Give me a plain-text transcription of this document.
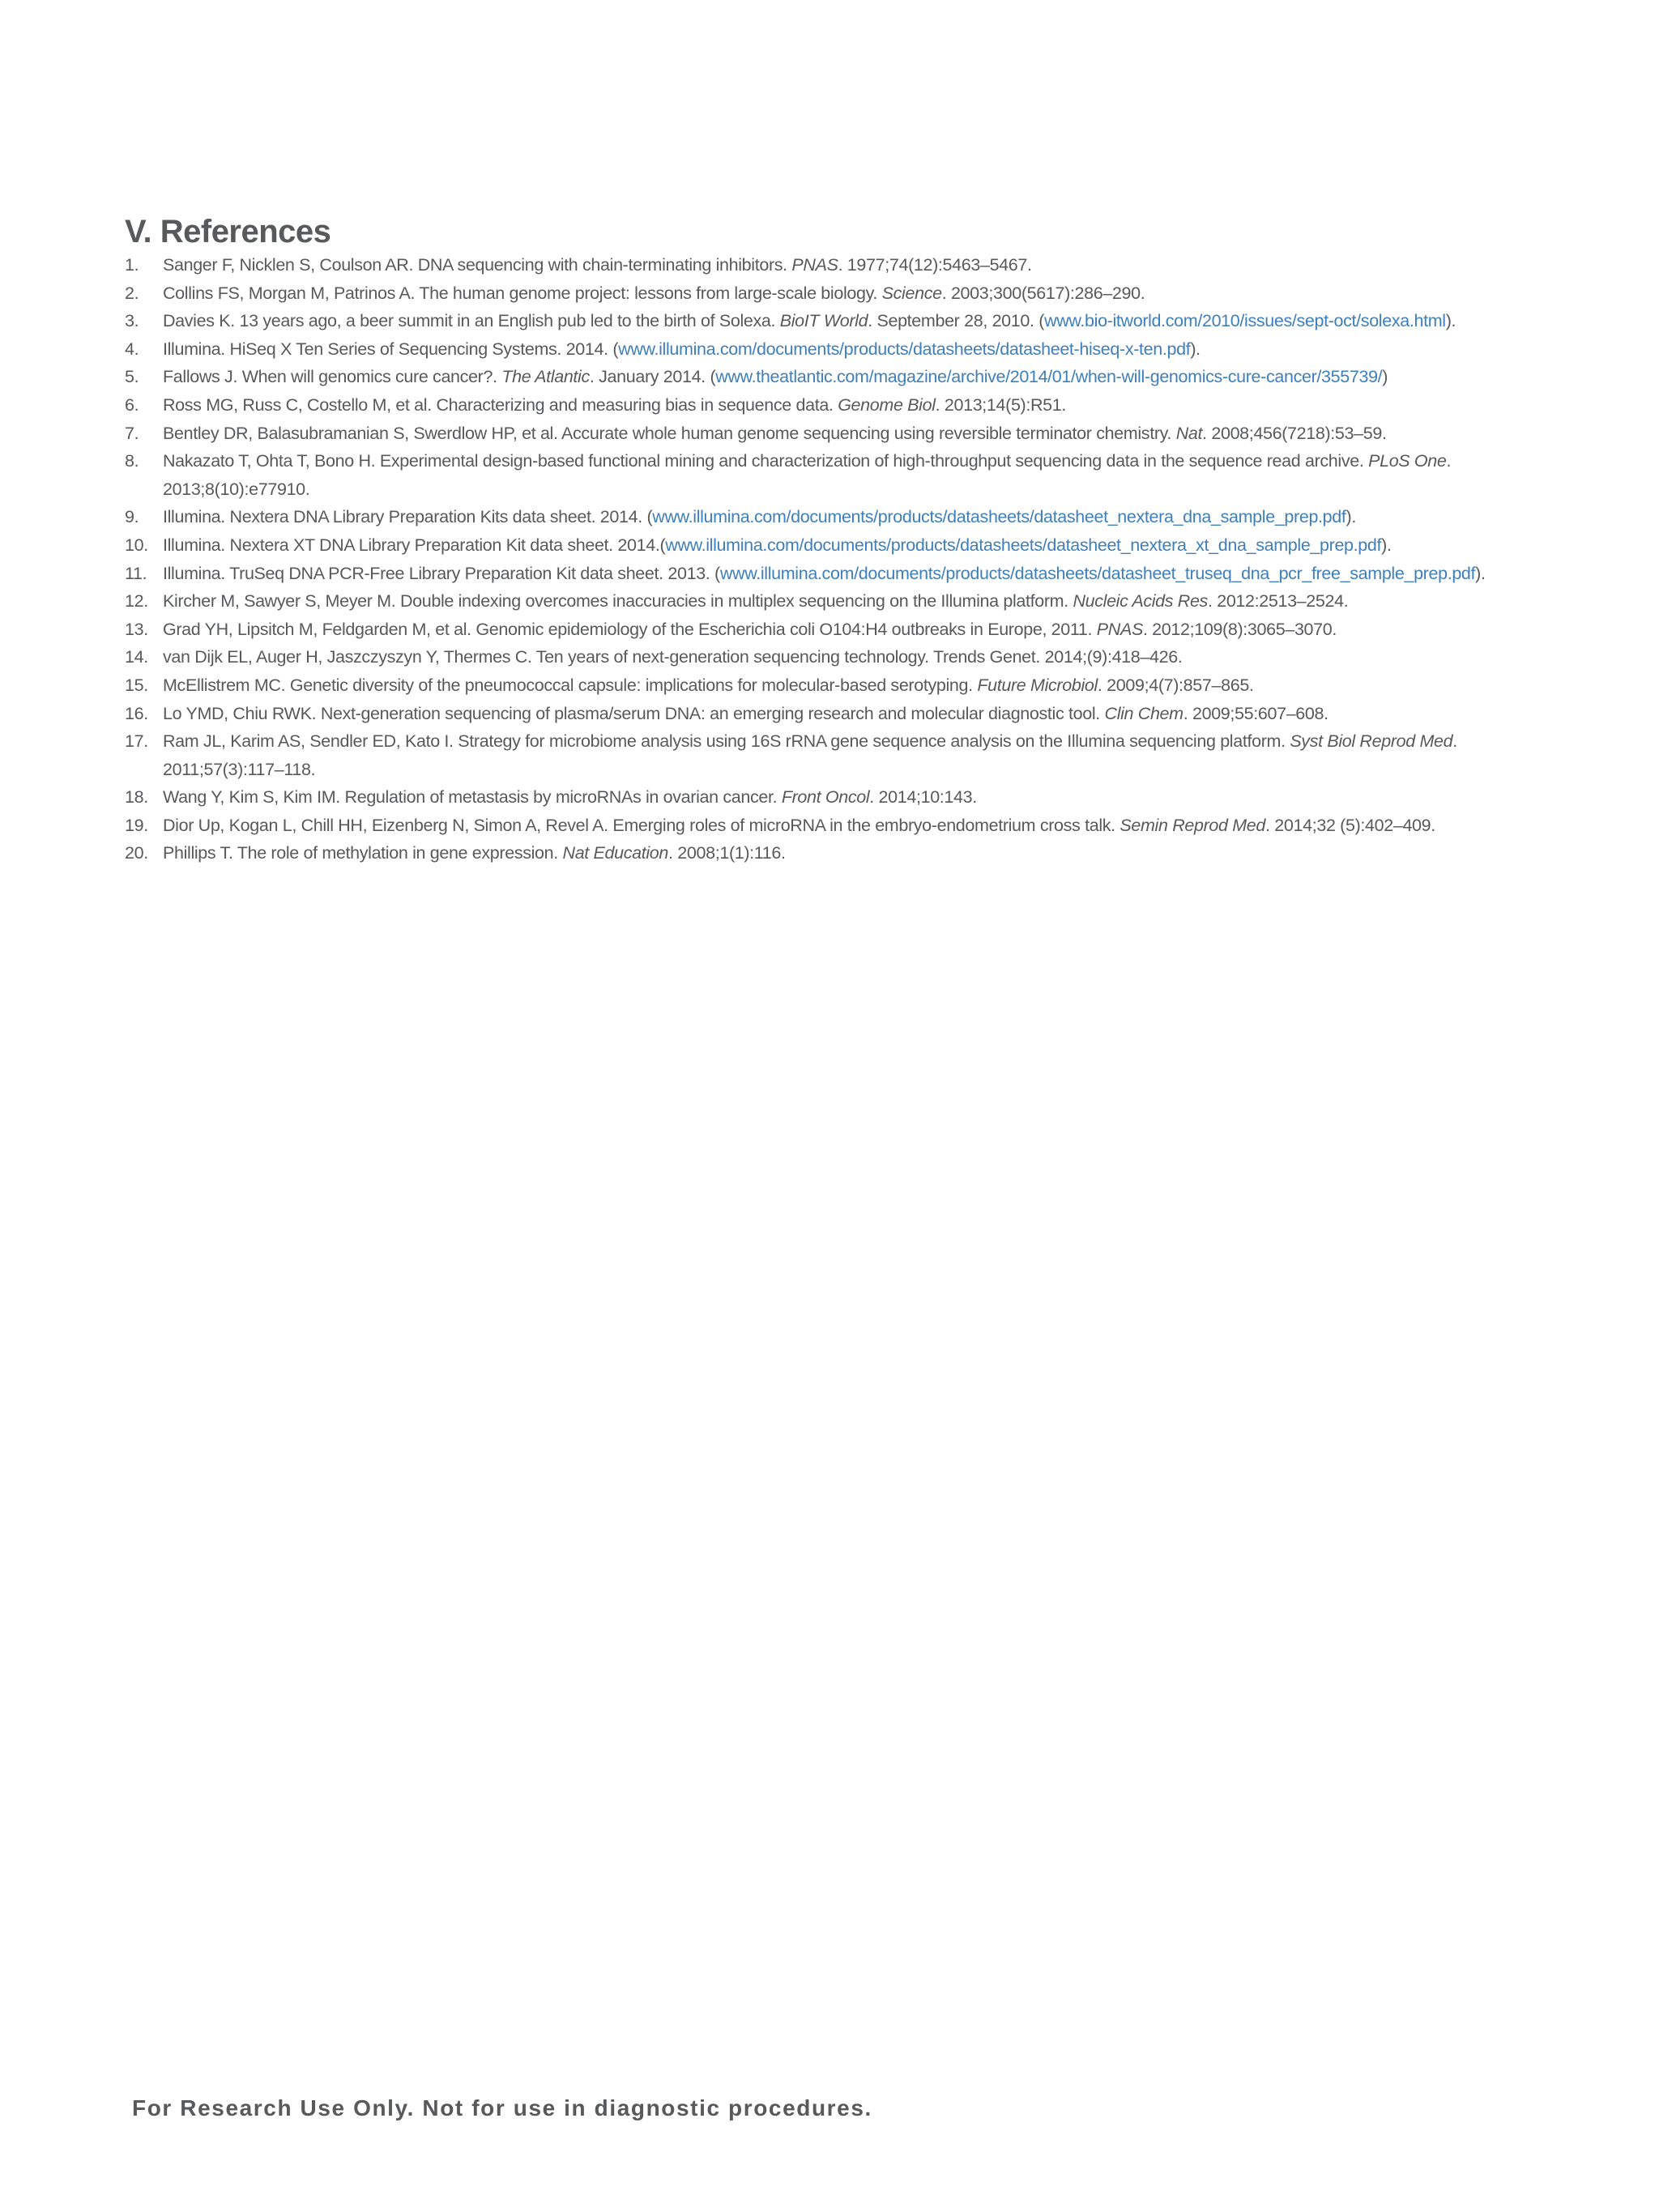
V. References
1. Sanger F, Nicklen S, Coulson AR. DNA sequencing with chain-terminating inhibitors. PNAS. 1977;74(12):5463–5467.
2. Collins FS, Morgan M, Patrinos A. The human genome project: lessons from large-scale biology. Science. 2003;300(5617):286–290.
3. Davies K. 13 years ago, a beer summit in an English pub led to the birth of Solexa. BioIT World. September 28, 2010. (www.bio-itworld.com/2010/issues/sept-oct/solexa.html).
4. Illumina. HiSeq X Ten Series of Sequencing Systems. 2014. (www.illumina.com/documents/products/datasheets/datasheet-hiseq-x-ten.pdf).
5. Fallows J. When will genomics cure cancer?. The Atlantic. January 2014. (www.theatlantic.com/magazine/archive/2014/01/when-will-genomics-cure-cancer/355739/)
6. Ross MG, Russ C, Costello M, et al. Characterizing and measuring bias in sequence data. Genome Biol. 2013;14(5):R51.
7. Bentley DR, Balasubramanian S, Swerdlow HP, et al. Accurate whole human genome sequencing using reversible terminator chemistry. Nat. 2008;456(7218):53–59.
8. Nakazato T, Ohta T, Bono H. Experimental design-based functional mining and characterization of high-throughput sequencing data in the sequence read archive. PLoS One. 2013;8(10):e77910.
9. Illumina. Nextera DNA Library Preparation Kits data sheet. 2014. (www.illumina.com/documents/products/datasheets/datasheet_nextera_dna_sample_prep.pdf).
10. Illumina. Nextera XT DNA Library Preparation Kit data sheet. 2014.(www.illumina.com/documents/products/datasheets/datasheet_nextera_xt_dna_sample_prep.pdf).
11. Illumina. TruSeq DNA PCR-Free Library Preparation Kit data sheet. 2013. (www.illumina.com/documents/products/datasheets/datasheet_truseq_dna_pcr_free_sample_prep.pdf).
12. Kircher M, Sawyer S, Meyer M. Double indexing overcomes inaccuracies in multiplex sequencing on the Illumina platform. Nucleic Acids Res. 2012:2513–2524.
13. Grad YH, Lipsitch M, Feldgarden M, et al. Genomic epidemiology of the Escherichia coli O104:H4 outbreaks in Europe, 2011. PNAS. 2012;109(8):3065–3070.
14. van Dijk EL, Auger H, Jaszczyszyn Y, Thermes C. Ten years of next-generation sequencing technology. Trends Genet. 2014;(9):418–426.
15. McEllistrem MC. Genetic diversity of the pneumococcal capsule: implications for molecular-based serotyping. Future Microbiol. 2009;4(7):857–865.
16. Lo YMD, Chiu RWK. Next-generation sequencing of plasma/serum DNA: an emerging research and molecular diagnostic tool. Clin Chem. 2009;55:607–608.
17. Ram JL, Karim AS, Sendler ED, Kato I. Strategy for microbiome analysis using 16S rRNA gene sequence analysis on the Illumina sequencing platform. Syst Biol Reprod Med. 2011;57(3):117–118.
18. Wang Y, Kim S, Kim IM. Regulation of metastasis by microRNAs in ovarian cancer. Front Oncol. 2014;10:143.
19. Dior Up, Kogan L, Chill HH, Eizenberg N, Simon A, Revel A. Emerging roles of microRNA in the embryo-endometrium cross talk. Semin Reprod Med. 2014;32 (5):402–409.
20. Phillips T. The role of methylation in gene expression. Nat Education. 2008;1(1):116.

For Research Use Only. Not for use in diagnostic procedures.
